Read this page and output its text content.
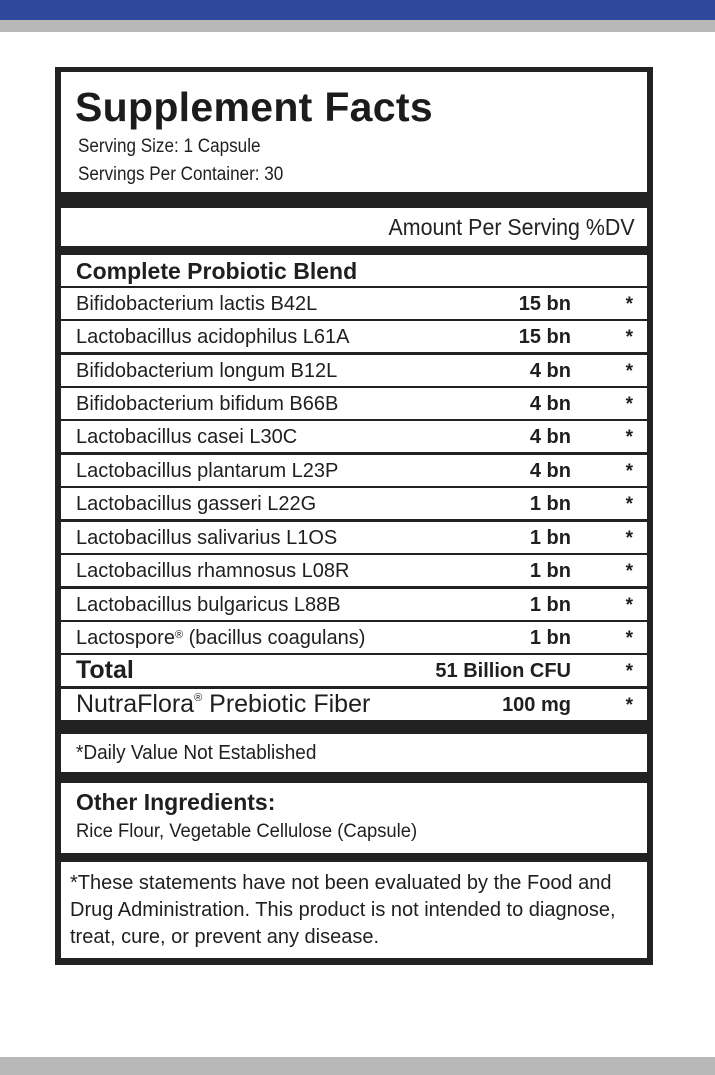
Supplement Facts
Serving Size: 1 Capsule
Servings Per Container: 30
Amount Per Serving %DV
Complete Probiotic Blend
Bifidobacterium lactis B42L	15 bn	*
Lactobacillus acidophilus L61A	15 bn	*
Bifidobacterium longum B12L	4 bn	*
Bifidobacterium bifidum B66B	4 bn	*
Lactobacillus casei L30C	4 bn	*
Lactobacillus plantarum L23P	4 bn	*
Lactobacillus gasseri L22G	1 bn	*
Lactobacillus salivarius L1OS	1 bn	*
Lactobacillus rhamnosus L08R	1 bn	*
Lactobacillus bulgaricus L88B	1 bn	*
Lactospore® (bacillus coagulans)	1 bn	*
Total	51 Billion CFU	*
NutraFlora® Prebiotic Fiber	100 mg	*
*Daily Value Not Established
Other Ingredients:
Rice Flour, Vegetable Cellulose (Capsule)

*These statements have not been evaluated by the Food and Drug Administration. This product is not intended to diagnose, treat, cure, or prevent any disease.
